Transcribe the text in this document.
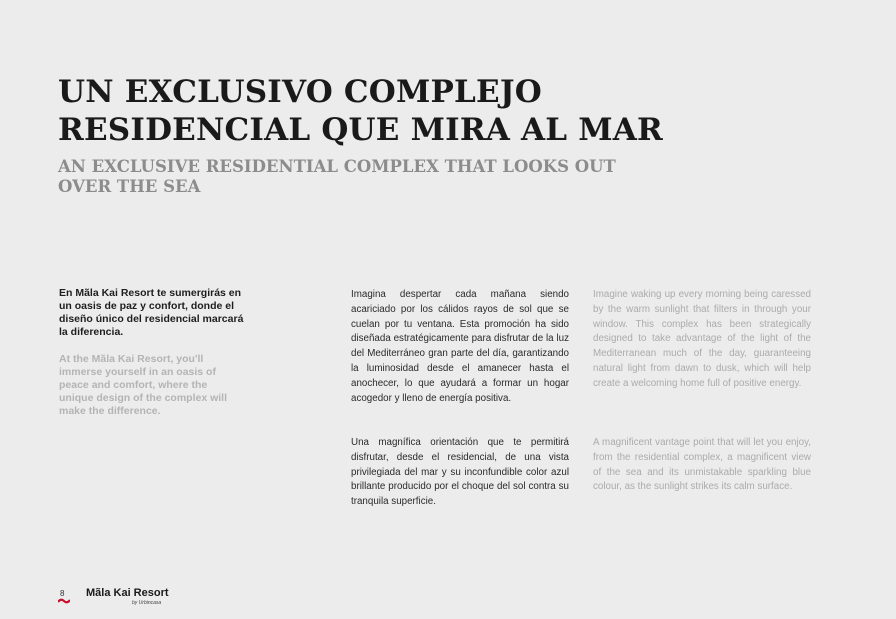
UN EXCLUSIVO COMPLEJO
RESIDENCIAL QUE MIRA AL MAR
AN EXCLUSIVE RESIDENTIAL COMPLEX THAT LOOKS OUT
OVER THE SEA

En Mãla Kai Resort te sumergirás en un oasis de paz y confort, donde el diseño único del residencial marcará la diferencia.

At the Mãla Kai Resort, you'll immerse yourself in an oasis of peace and comfort, where the unique design of the complex will make the difference.

Imagina despertar cada mañana siendo acariciado por los cálidos rayos de sol que se cuelan por tu ventana. Esta promoción ha sido diseñada estratégicamente para disfrutar de la luz del Mediterráneo gran parte del día, garantizando la luminosidad desde el amanecer hasta el anochecer, lo que ayudará a formar un hogar acogedor y lleno de energía positiva.

Una magnífica orientación que te permitirá disfrutar, desde el residencial, de una vista privilegiada del mar y su inconfundible color azul brillante producido por el choque del sol contra su tranquila superficie.

Imagine waking up every morning being caressed by the warm sunlight that filters in through your window. This complex has been strategically designed to take advantage of the light of the Mediterranean much of the day, guaranteeing natural light from dawn to dusk, which will help create a welcoming home full of positive energy.

A magnificent vantage point that will let you enjoy, from the residential complex, a magnificent view of the sea and its unmistakable sparkling blue colour, as the sunlight strikes its calm surface.

8 Mãla Kai Resort
by Urbincasa
